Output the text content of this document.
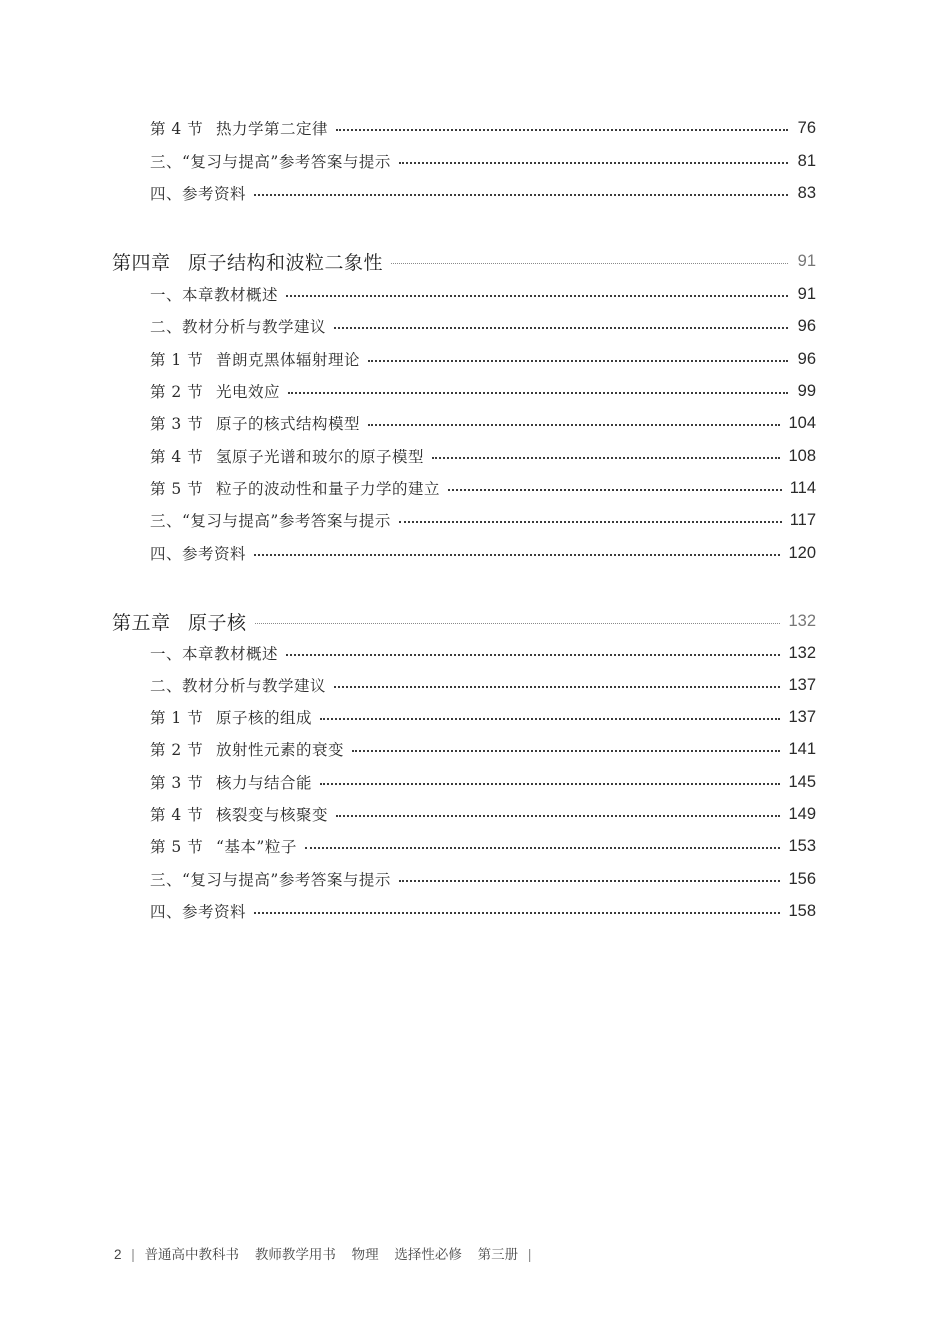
第 4 节 热力学第二定律	76
三、“复习与提高”参考答案与提示	81
四、参考资料	83
第四章 原子结构和波粒二象性	91
一、本章教材概述	91
二、教材分析与教学建议	96
第 1 节 普朗克黑体辐射理论	96
第 2 节 光电效应	99
第 3 节 原子的核式结构模型	104
第 4 节 氢原子光谱和玻尔的原子模型	108
第 5 节 粒子的波动性和量子力学的建立	114
三、“复习与提高”参考答案与提示	117
四、参考资料	120
第五章 原子核	132
一、本章教材概述	132
二、教材分析与教学建议	137
第 1 节 原子核的组成	137
第 2 节 放射性元素的衰变	141
第 3 节 核力与结合能	145
第 4 节 核裂变与核聚变	149
第 5 节 “基本”粒子	153
三、“复习与提高”参考答案与提示	156
四、参考资料	158
2 | 普通高中教科书 教师教学用书 物理 选择性必修 第三册 |
